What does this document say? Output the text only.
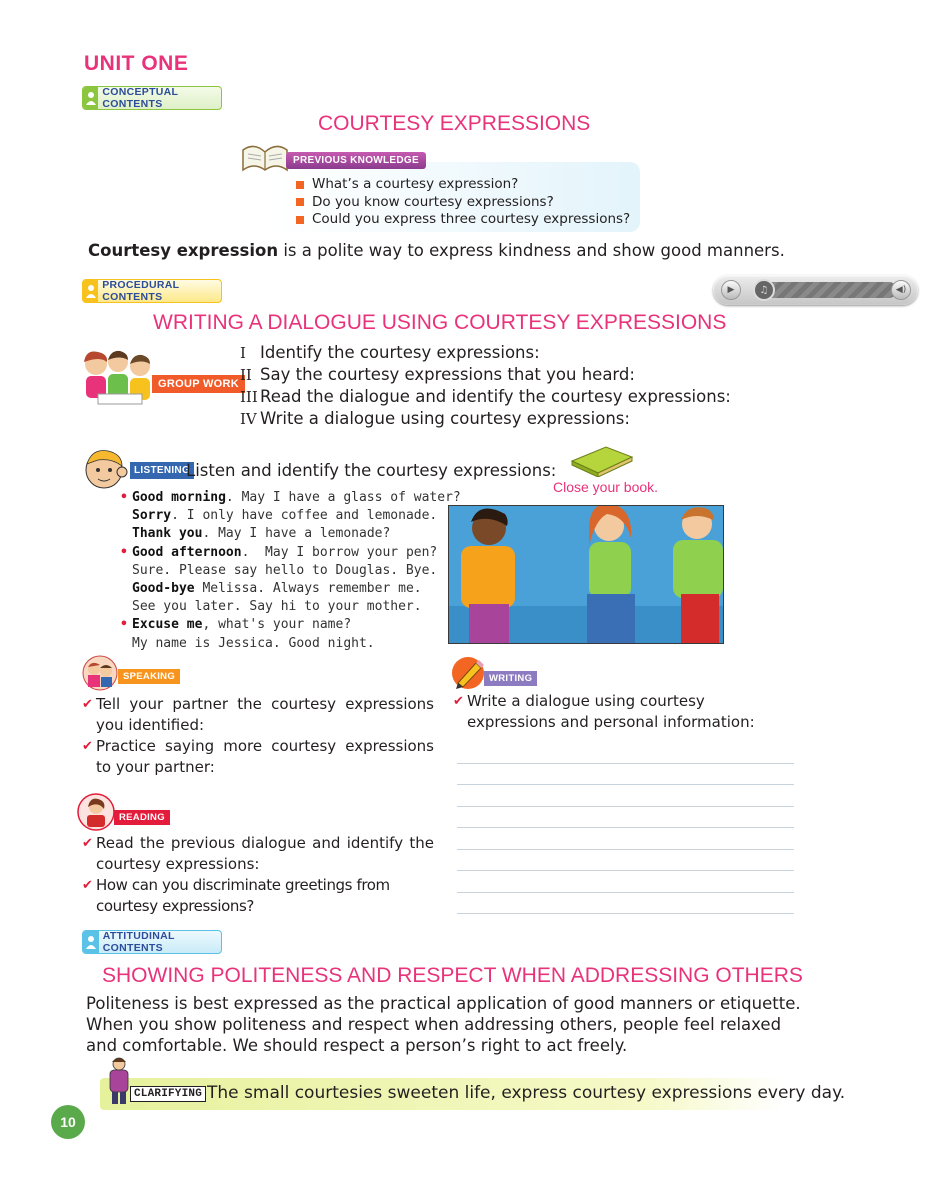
UNIT ONE
CONCEPTUAL CONTENTS
COURTESY EXPRESSIONS
PREVIOUS KNOWLEDGE
What’s a courtesy expression?
Do you know courtesy expressions?
Could you express three courtesy expressions?
Courtesy expression is a polite way to express kindness and show good manners.
PROCEDURAL CONTENTS
▶	♫	◀)
WRITING A DIALOGUE USING COURTESY EXPRESSIONS
GROUP WORK
I Identify the courtesy expressions:
II Say the courtesy expressions that you heard:
III Read the dialogue and identify the courtesy expressions:
IV Write a dialogue using courtesy expressions:
LISTENING
Listen and identify the courtesy expressions:
• Good morning. May I have a glass of water?
Sorry. I only have coffee and lemonade.
Thank you. May I have a lemonade?
• Good afternoon.  May I borrow your pen?
Sure. Please say hello to Douglas. Bye.
Good-bye Melissa. Always remember me.
See you later. Say hi to your mother.
• Excuse me, what's your name?
My name is Jessica. Good night.
Close your book.
SPEAKING
✔ Tell your partner the courtesy expressions you identified:
✔ Practice saying more courtesy expressions to your partner:
WRITING
✔ Write a dialogue using courtesy expressions and personal information:
READING
✔ Read the previous dialogue and identify the courtesy expressions:
✔ How can you discriminate greetings from courtesy expressions?
ATTITUDINAL CONTENTS
SHOWING POLITENESS AND RESPECT WHEN ADDRESSING OTHERS
Politeness is best expressed as the practical application of good manners or etiquette. When you show politeness and respect when addressing others, people feel relaxed and comfortable. We should respect a person’s right to act freely.
CLARIFYING The small courtesies sweeten life, express courtesy expressions every day.
10
